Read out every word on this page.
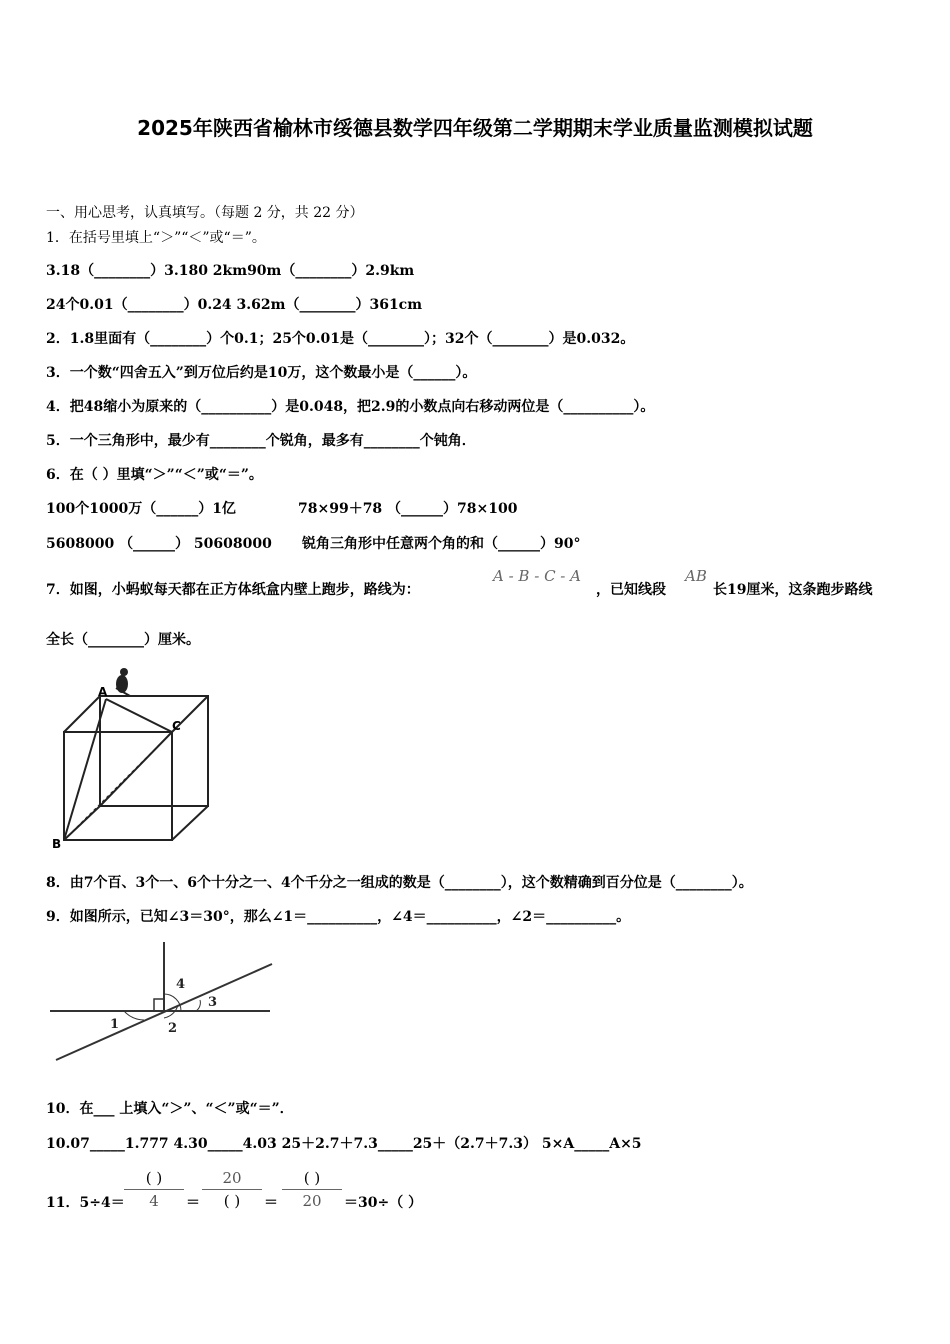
2025年陕西省榆林市绥德县数学四年级第二学期期末学业质量监测模拟试题
一、用心思考，认真填写。（每题 2 分，共 22 分）
1．在括号里填上“＞”“＜”或“＝”。
3.18（________）3.180 2km90m（________）2.9km
24个0.01（________）0.24 3.62m（________）361cm
2．1.8里面有（________）个0.1；25个0.01是（________）；32个（________）是0.032。
3．一个数“四舍五入”到万位后约是10万，这个数最小是（______）。
4．把48缩小为原来的（__________）是0.048，把2.9的小数点向右移动两位是（__________）。
5．一个三角形中，最少有________个锐角，最多有________个钝角．
6．在（ ）里填“＞”“＜”或“＝”。
100个1000万（______）1亿	78×99＋78 （______）78×100
5608000 （______） 50608000 锐角三角形中任意两个角的和（______）90°
7．如图，小蚂蚁每天都在正方体纸盒内壁上跑步，路线为：
A - B - C - A
，已知线段
AB
长19厘米，这条跑步路线
全长（________）厘米。
A
C
B
8．由7个百、3个一、6个十分之一、4个千分之一组成的数是（________），这个数精确到百分位是（________）。
9．如图所示，已知∠3＝30°，那么∠1＝__________，∠4＝__________，∠2＝__________。
1	2
3
4
10．在___ 上填入“＞”、“＜”或“＝”．
10.07_____1.777 4.30_____4.03 25＋2.7＋7.3_____25＋（2.7＋7.3） 5×A_____A×5
11．5÷4＝
( )
4	＝
20
( )	＝
( )
20	＝30÷（ ）
